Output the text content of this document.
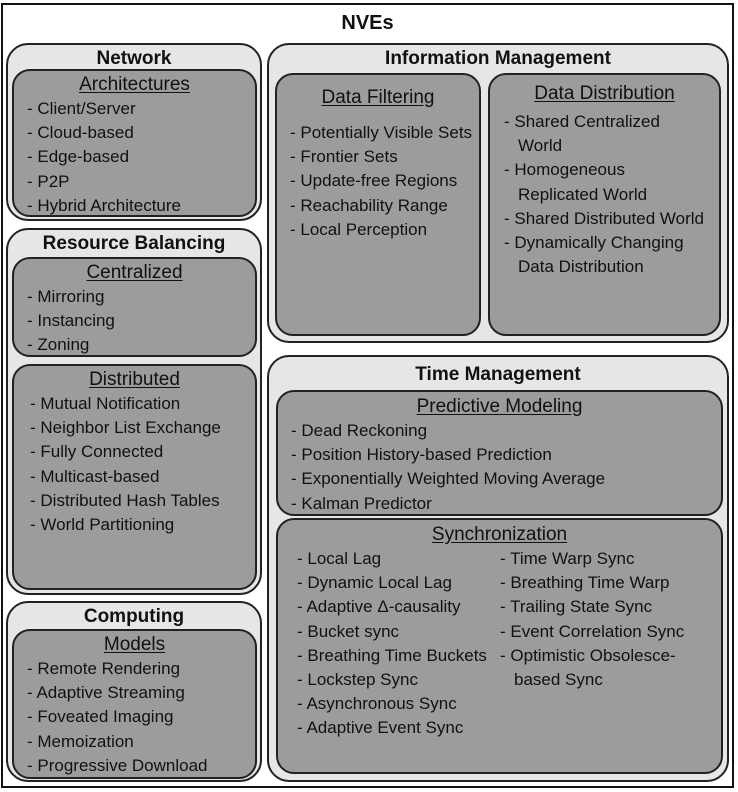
NVEs
Network
Architectures
- Client/Server
- Cloud-based
- Edge-based
- P2P
- Hybrid Architecture
Resource Balancing
Centralized
- Mirroring
- Instancing
- Zoning
Distributed
- Mutual Notification
- Neighbor List Exchange
- Fully Connected
- Multicast-based
- Distributed Hash Tables
- World Partitioning
Computing
Models
- Remote Rendering
- Adaptive Streaming
- Foveated Imaging
- Memoization
- Progressive Download
Information Management
Data Filtering
- Potentially Visible Sets
- Frontier Sets
- Update-free Regions
- Reachability Range
- Local Perception
Data Distribution
- Shared Centralized World
- Homogeneous Replicated World
- Shared Distributed World
- Dynamically Changing Data Distribution
Time Management
Predictive Modeling
- Dead Reckoning
- Position History-based Prediction
- Exponentially Weighted Moving Average
- Kalman Predictor
Synchronization
- Local Lag
- Dynamic Local Lag
- Adaptive Δ-causality
- Bucket sync
- Breathing Time Buckets
- Lockstep Sync
- Asynchronous Sync
- Adaptive Event Sync
- Time Warp Sync
- Breathing Time Warp
- Trailing State Sync
- Event Correlation Sync
- Optimistic Obsolesce-based Sync
